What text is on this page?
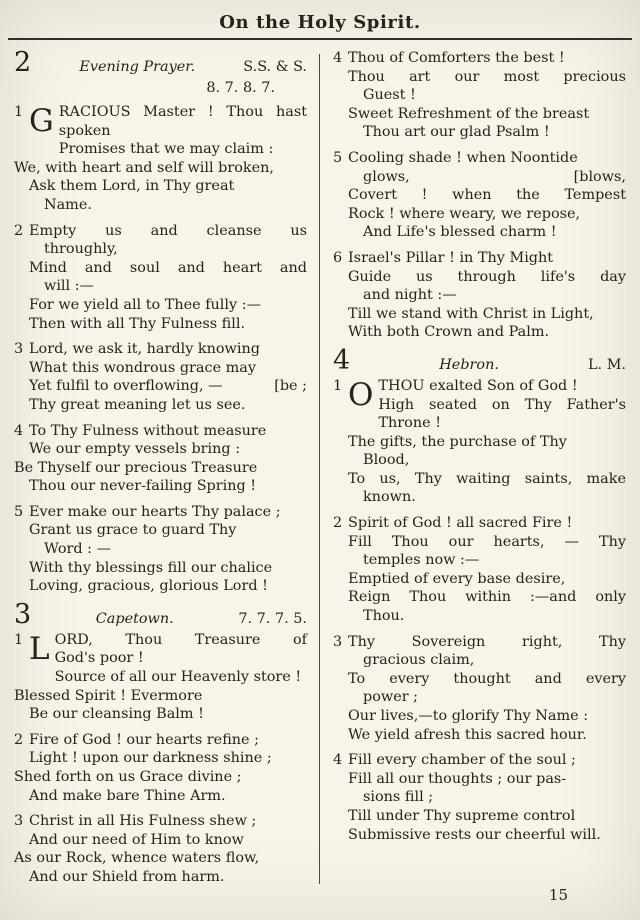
On the Holy Spirit.
2	Evening Prayer.	S.S. & S.
8. 7. 8. 7.
1 G RACIOUS Master ! Thou hast
spoken
Promises that we may claim :
We, with heart and self will broken,
Ask them Lord, in Thy great
Name.
2 Empty us and cleanse us
throughly,
Mind and soul and heart and
will :—
For we yield all to Thee fully :—
Then with all Thy Fulness fill.
3 Lord, we ask it, hardly knowing
What this wondrous grace may
[be ;
Yet fulfil to overflowing, —
Thy great meaning let us see.
4 To Thy Fulness without measure
We our empty vessels bring :
Be Thyself our precious Treasure
Thou our never-failing Spring !
5 Ever make our hearts Thy palace ;
Grant us grace to guard Thy
Word : —
With thy blessings fill our chalice
Loving, gracious, glorious Lord !
3	Capetown.	7. 7. 7. 5.
1 L ORD, Thou Treasure of
God's poor !
Source of all our Heavenly store !
Blessed Spirit ! Evermore
Be our cleansing Balm !
2 Fire of God ! our hearts refine ;
Light ! upon our darkness shine ;
Shed forth on us Grace divine ;
And make bare Thine Arm.
3 Christ in all His Fulness shew ;
And our need of Him to know
As our Rock, whence waters flow,
And our Shield from harm.
4 Thou of Comforters the best !
Thou art our most precious
Guest !
Sweet Refreshment of the breast
Thou art our glad Psalm !
5 Cooling shade ! when Noontide
[blows,
glows,
Covert ! when the Tempest
Rock ! where weary, we repose,
And Life's blessed charm !
6 Israel's Pillar ! in Thy Might
Guide us through life's day
and night :—
Till we stand with Christ in Light,
With both Crown and Palm.
4	Hebron.	L. M.
1 O THOU exalted Son of God !
High seated on Thy Father's
Throne !
The gifts, the purchase of Thy
Blood,
To us, Thy waiting saints, make
known.
2 Spirit of God ! all sacred Fire !
Fill Thou our hearts, — Thy
temples now :—
Emptied of every base desire,
Reign Thou within :—and only
Thou.
3 Thy Sovereign right, Thy
gracious claim,
To every thought and every
power ;
Our lives,—to glorify Thy Name :
We yield afresh this sacred hour.
4 Fill every chamber of the soul ;
Fill all our thoughts ; our pas-
sions fill ;
Till under Thy supreme control
Submissive rests our cheerful will.
15
